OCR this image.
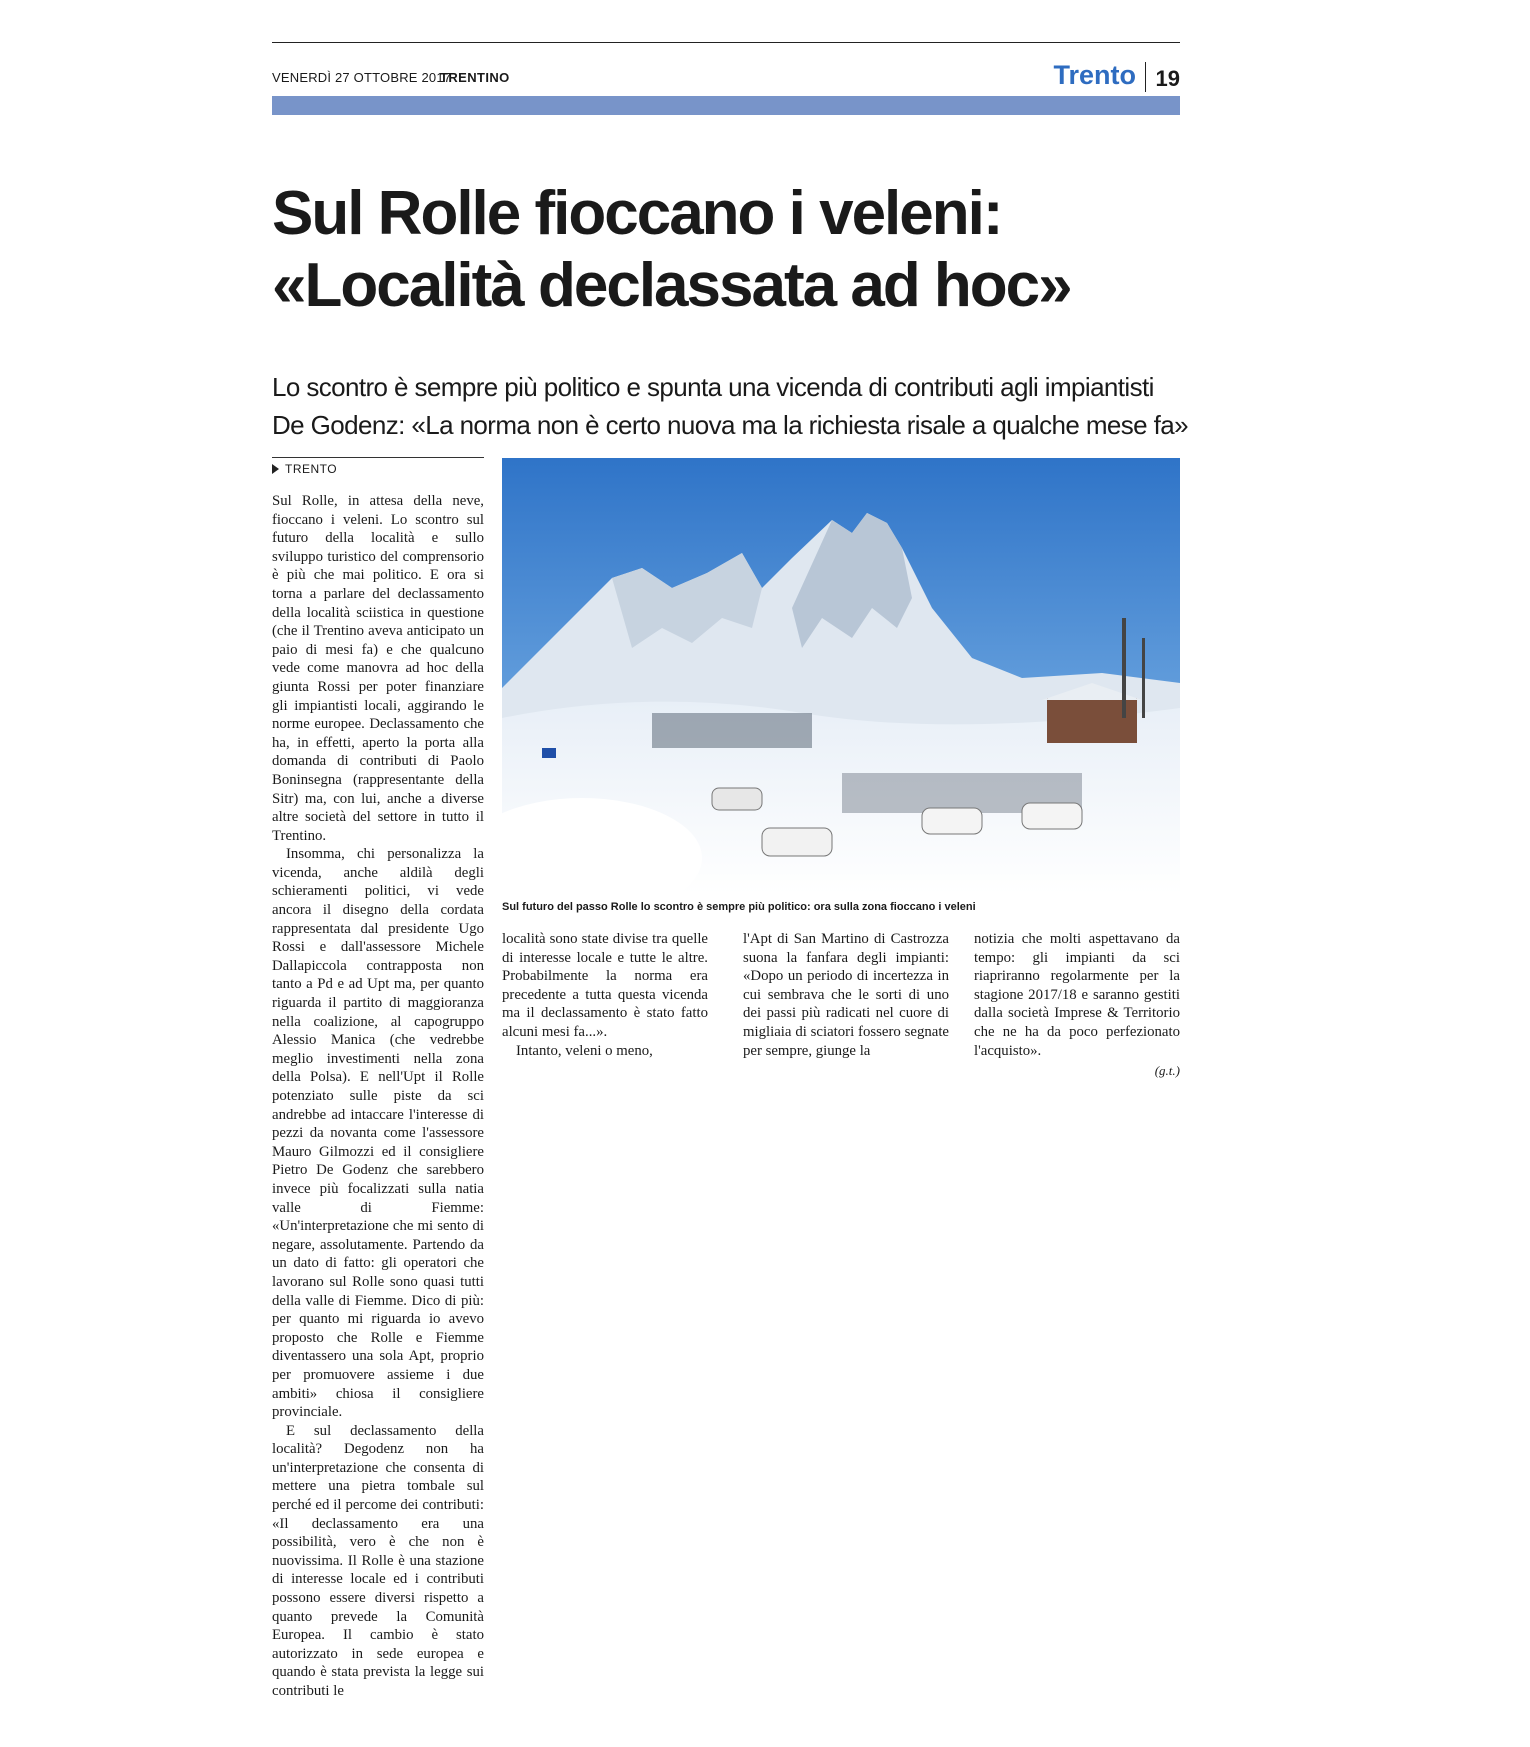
VENERDÌ 27 OTTOBRE 2017
TRENTINO	Trento 19
Sul Rolle fioccano i veleni:
«Località declassata ad hoc»
Lo scontro è sempre più politico e spunta una vicenda di contributi agli impiantisti
De Godenz: «La norma non è certo nuova ma la richiesta risale a qualche mese fa»
TRENTO
Sul futuro del passo Rolle lo scontro è sempre più politico: ora sulla zona fioccano i veleni

Sul Rolle, in attesa della neve, fioccano i veleni. Lo scontro sul futuro della località e sullo sviluppo turistico del comprensorio è più che mai politico. E ora si torna a parlare del declassamento della località sciistica in questione (che il Trentino aveva anticipato un paio di mesi fa) e che qualcuno vede come manovra ad hoc della giunta Rossi per poter finanziare gli impiantisti locali, aggirando le norme europee. Declassamento che ha, in effetti, aperto la porta alla domanda di contributi di Paolo Boninsegna (rappresentante della Sitr) ma, con lui, anche a diverse altre società del settore in tutto il Trentino.

Insomma, chi personalizza la vicenda, anche aldilà degli schieramenti politici, vi vede ancora il disegno della cordata rappresentata dal presidente Ugo Rossi e dall'assessore Michele Dallapiccola contrapposta non tanto a Pd e ad Upt ma, per quanto riguarda il partito di maggioranza nella coalizione, al capogruppo Alessio Manica (che vedrebbe meglio investimenti nella zona della Polsa). E nell'Upt il Rolle potenziato sulle piste da sci andrebbe ad intaccare l'interesse di pezzi da novanta come l'assessore Mauro Gilmozzi ed il consigliere Pietro De Godenz che sarebbero invece più focalizzati sulla natia valle di Fiemme: «Un'interpretazione che mi sento di negare, assolutamente. Partendo da un dato di fatto: gli operatori che lavorano sul Rolle sono quasi tutti della valle di Fiemme. Dico di più: per quanto mi riguarda io avevo proposto che Rolle e Fiemme diventassero una sola Apt, proprio per promuovere assieme i due ambiti» chiosa il consigliere provinciale.

E sul declassamento della località? Degodenz non ha un'interpretazione che consenta di mettere una pietra tombale sul perché ed il percome dei contributi: «Il declassamento era una possibilità, vero è che non è nuovissima. Il Rolle è una stazione di interesse locale ed i contributi possono essere diversi rispetto a quanto prevede la Comunità Europea. Il cambio è stato autorizzato in sede europea e quando è stata prevista la legge sui contributi le

località sono state divise tra quelle di interesse locale e tutte le altre. Probabilmente la norma era precedente a tutta questa vicenda ma il declassamento è stato fatto alcuni mesi fa...».

Intanto, veleni o meno,

l'Apt di San Martino di Castrozza suona la fanfara degli impianti: «Dopo un periodo di incertezza in cui sembrava che le sorti di uno dei passi più radicati nel cuore di migliaia di sciatori fossero segnate per sempre, giunge la

notizia che molti aspettavano da tempo: gli impianti da sci riapriranno regolarmente per la stagione 2017/18 e saranno gestiti dalla società Imprese & Territorio che ne ha da poco perfezionato l'acquisto».

(g.t.)
